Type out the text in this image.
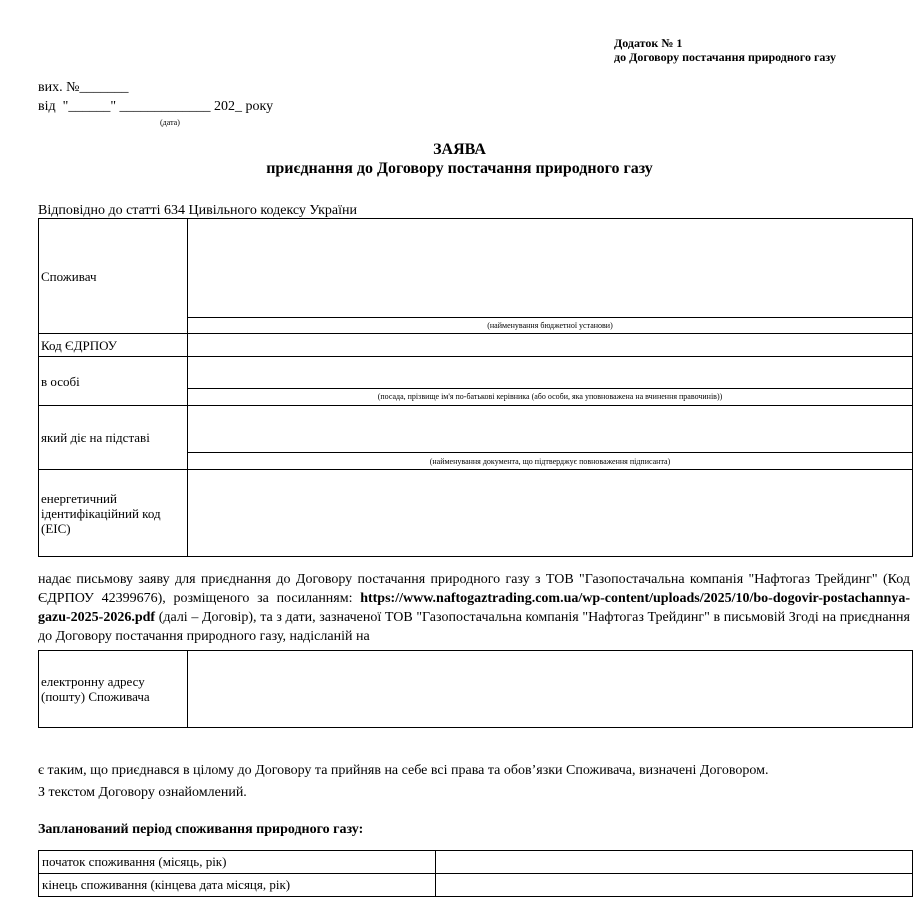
Додаток № 1
до Договору постачання природного газу
вих. №_______
від  "______" _____________ 202_ року
(дата)
ЗАЯВА
приєднання до Договору постачання природного газу
Відповідно до статті 634 Цивільного кодексу України
Споживач	
	(найменування бюджетної установи)
Код ЄДРПОУ	
в особі	
	(посада, прізвище ім'я по-батькові керівника (або особи, яка уповноважена на вчинення правочинів))
який діє на підставі	
	(найменування документа, що підтверджує повноваження підписанта)

енергетичний
ідентифікаційний код
(EIC)	

надає письмову заяву для приєднання до Договору постачання природного газу з ТОВ "Газопостачальна компанія "Нафтогаз Трейдинг" (Код ЄДРПОУ 42399676), розміщеного за посиланням: https://www.naftogaztrading.com.ua/wp-content/uploads/2025/10/bo-dogovir-postachannya-gazu-2025-2026.pdf (далі – Договір), та з дати, зазначеної ТОВ "Газопостачальна компанія "Нафтогаз Трейдинг" в письмовій Згоді на приєднання до Договору постачання природного газу, надісланій на
електронну адресу
(пошту) Споживача

є таким, що приєднався в цілому до Договору та прийняв на себе всі права та обов’язки Споживача, визначені Договором.
З текстом Договору ознайомлений.
Запланований період споживання природного газу:
початок споживання (місяць, рік)	
кінець споживання (кінцева дата місяця, рік)	
